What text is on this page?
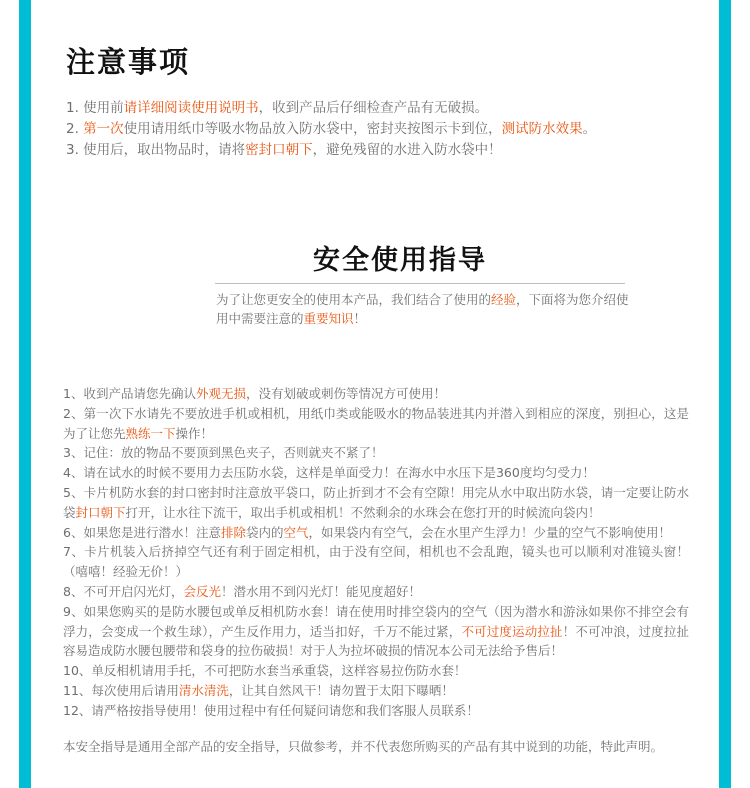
注意事项
1. 使用前请详细阅读使用说明书，收到产品后仔细检查产品有无破损。
2. 第一次使用请用纸巾等吸水物品放入防水袋中，密封夹按图示卡到位，测试防水效果。
3. 使用后，取出物品时，请将密封口朝下，避免残留的水进入防水袋中！
安全使用指导

为了让您更安全的使用本产品，我们结合了使用的经验，下面将为您介绍使用中需要注意的重要知识！

1、收到产品请您先确认外观无损，没有划破或刺伤等情况方可使用！
2、第一次下水请先不要放进手机或相机，用纸巾类或能吸水的物品装进其内并潜入到相应的深度，别担心，这是为了让您先熟练一下操作！
3、记住：放的物品不要顶到黑色夹子，否则就夹不紧了！
4、请在试水的时候不要用力去压防水袋，这样是单面受力！在海水中水压下是360度均匀受力！
5、卡片机防水套的封口密封时注意放平袋口，防止折到才不会有空隙！用完从水中取出防水袋，请一定要让防水袋封口朝下打开，让水往下流干，取出手机或相机！不然剩余的水珠会在您打开的时候流向袋内！
6、如果您是进行潜水！注意排除袋内的空气，如果袋内有空气，会在水里产生浮力！少量的空气不影响使用！
7、卡片机装入后挤掉空气还有利于固定相机，由于没有空间，相机也不会乱跑，镜头也可以顺利对准镜头窗！（嘻嘻！经验无价！）
8、不可开启闪光灯，会反光！潜水用不到闪光灯！能见度超好！
9、如果您购买的是防水腰包或单反相机防水套！请在使用时排空袋内的空气（因为潜水和游泳如果你不排空会有浮力，会变成一个救生球），产生反作用力，适当扣好，千万不能过紧，不可过度运动拉扯！不可冲浪，过度拉扯容易造成防水腰包腰带和袋身的拉伤破损！对于人为拉坏破损的情况本公司无法给予售后！
10、单反相机请用手托，不可把防水套当承重袋，这样容易拉伤防水套！
11、每次使用后请用清水清洗，让其自然风干！请勿置于太阳下曝晒！
12、请严格按指导使用！使用过程中有任何疑问请您和我们客服人员联系！

本安全指导是通用全部产品的安全指导，只做参考，并不代表您所购买的产品有其中说到的功能，特此声明。
